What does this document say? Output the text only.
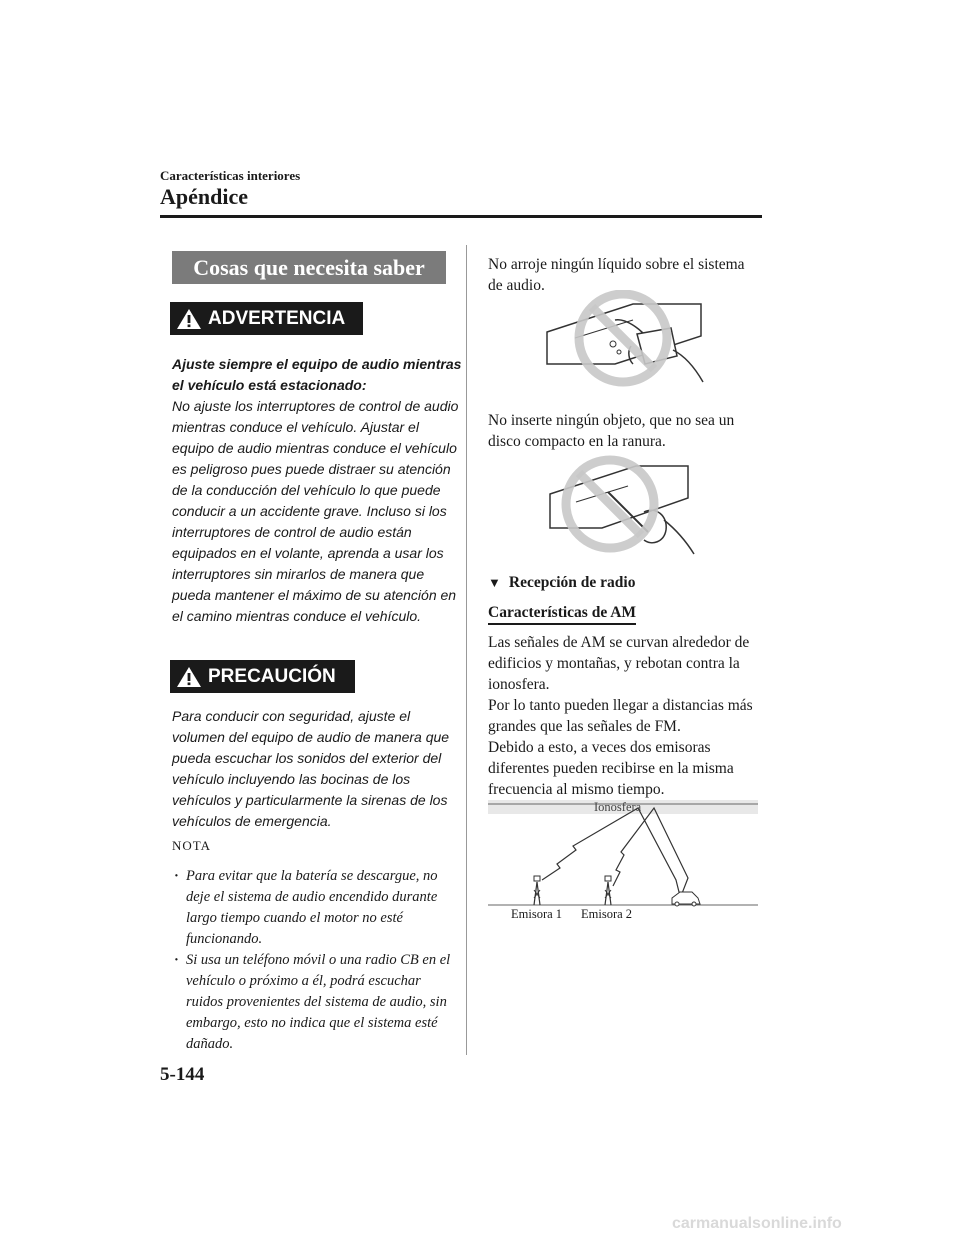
Características interiores
Apéndice
Cosas que necesita saber
ADVERTENCIA
Ajuste siempre el equipo de audio mientras el vehículo está estacionado:
No ajuste los interruptores de control de audio mientras conduce el vehículo. Ajustar el equipo de audio mientras conduce el vehículo es peligroso pues puede distraer su atención de la conducción del vehículo lo que puede conducir a un accidente grave. Incluso si los interruptores de control de audio están equipados en el volante, aprenda a usar los interruptores sin mirarlos de manera que pueda mantener el máximo de su atención en el camino mientras conduce el vehículo.
PRECAUCIÓN
Para conducir con seguridad, ajuste el volumen del equipo de audio de manera que pueda escuchar los sonidos del exterior del vehículo incluyendo las bocinas de los vehículos y particularmente la sirenas de los vehículos de emergencia.
NOTA
· Para evitar que la batería se descargue, no deje el sistema de audio encendido durante largo tiempo cuando el motor no esté funcionando.
· Si usa un teléfono móvil o una radio CB en el vehículo o próximo a él, podrá escuchar ruidos provenientes del sistema de audio, sin embargo, esto no indica que el sistema esté dañado.
No arroje ningún líquido sobre el sistema de audio.
No inserte ningún objeto, que no sea un disco compacto en la ranura.
▼ Recepción de radio
Características de AM
Las señales de AM se curvan alrededor de edificios y montañas, y rebotan contra la ionosfera.
Por lo tanto pueden llegar a distancias más grandes que las señales de FM.
Debido a esto, a veces dos emisoras diferentes pueden recibirse en la misma frecuencia al mismo tiempo.
Ionosfera
Emisora 1 Emisora 2
5-144
carmanualsonline.info
